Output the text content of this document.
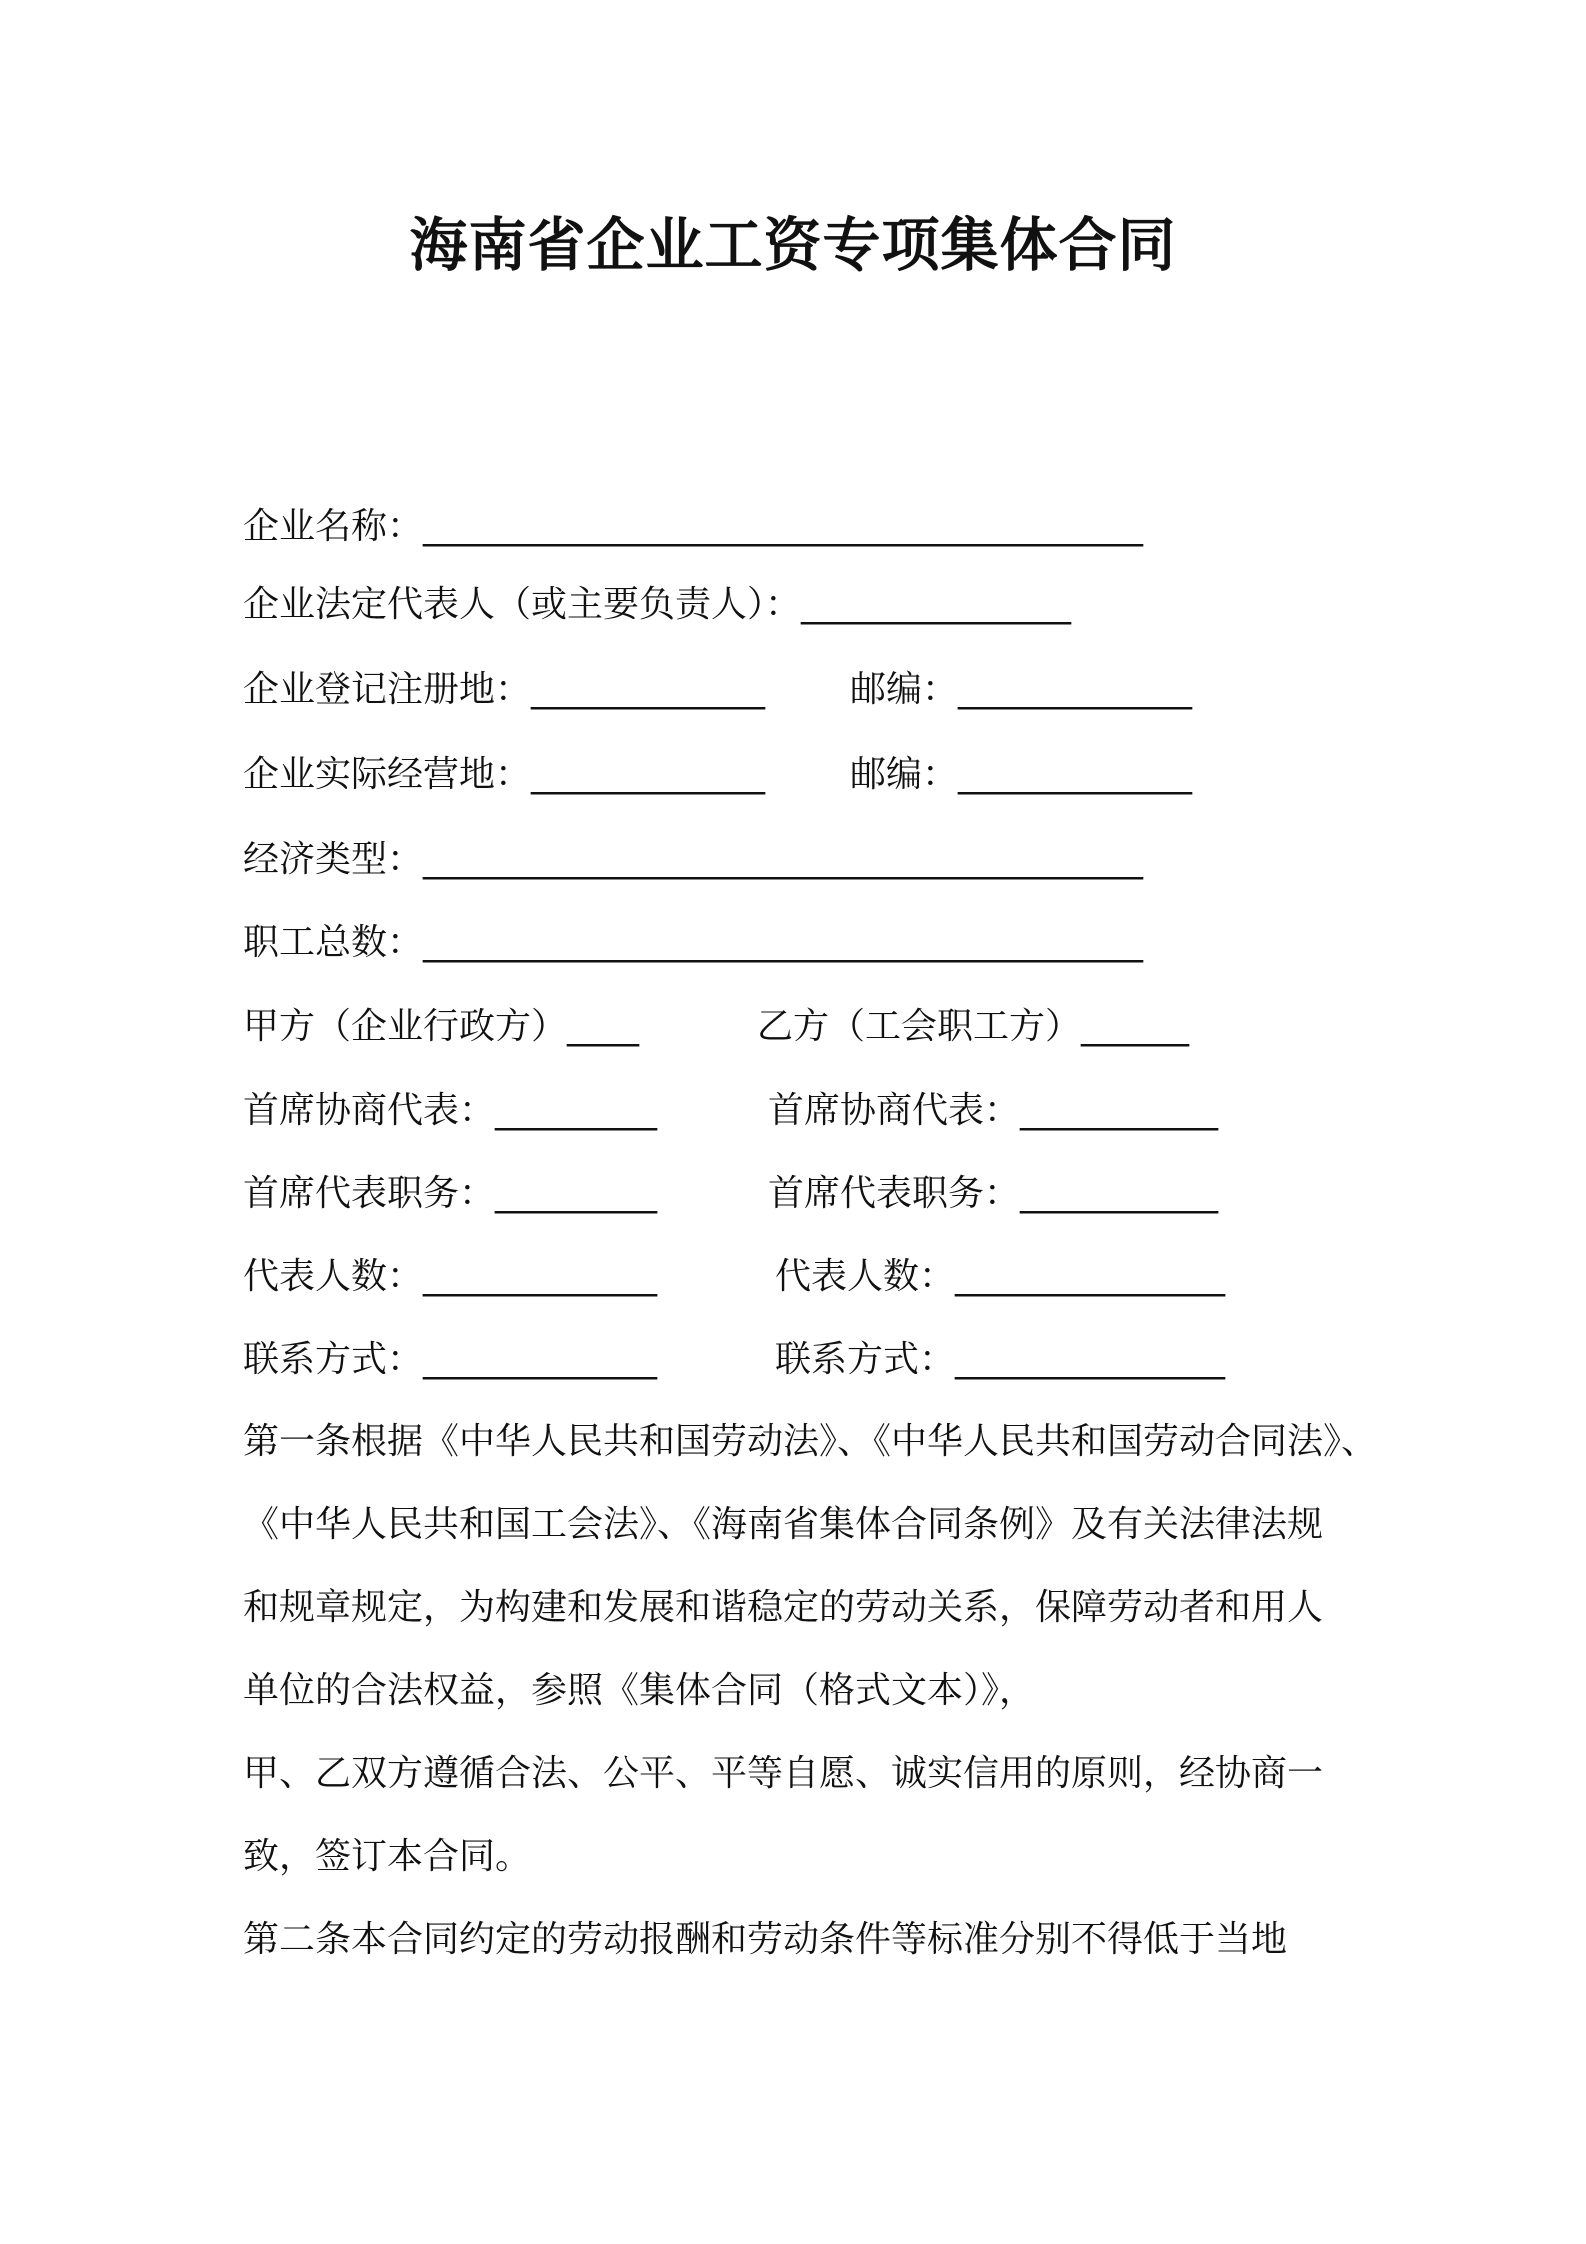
海南省企业工资专项集体合同
企业名称：________________________________________
企业法定代表人（或主要负责人）：_______________
企业登记注册地：_____________ 邮编：_____________
企业实际经营地：_____________ 邮编：_____________
经济类型：________________________________________
职工总数：________________________________________
甲方（企业行政方）____	乙方（工会职工方）______
首席协商代表：_________	首席协商代表：___________
首席代表职务：_________	首席代表职务：___________
代表人数：_____________	代表人数：_______________
联系方式：_____________	联系方式：_______________
第一条根据《中华人民共和国劳动法》、《中华人民共和国劳动合同法》、
《中华人民共和国工会法》、《海南省集体合同条例》及有关法律法规
和规章规定，为构建和发展和谐稳定的劳动关系，保障劳动者和用人
单位的合法权益，参照《集体合同（格式文本）》，
甲、乙双方遵循合法、公平、平等自愿、诚实信用的原则，经协商一
致，签订本合同。
第二条本合同约定的劳动报酬和劳动条件等标准分别不得低于当地
